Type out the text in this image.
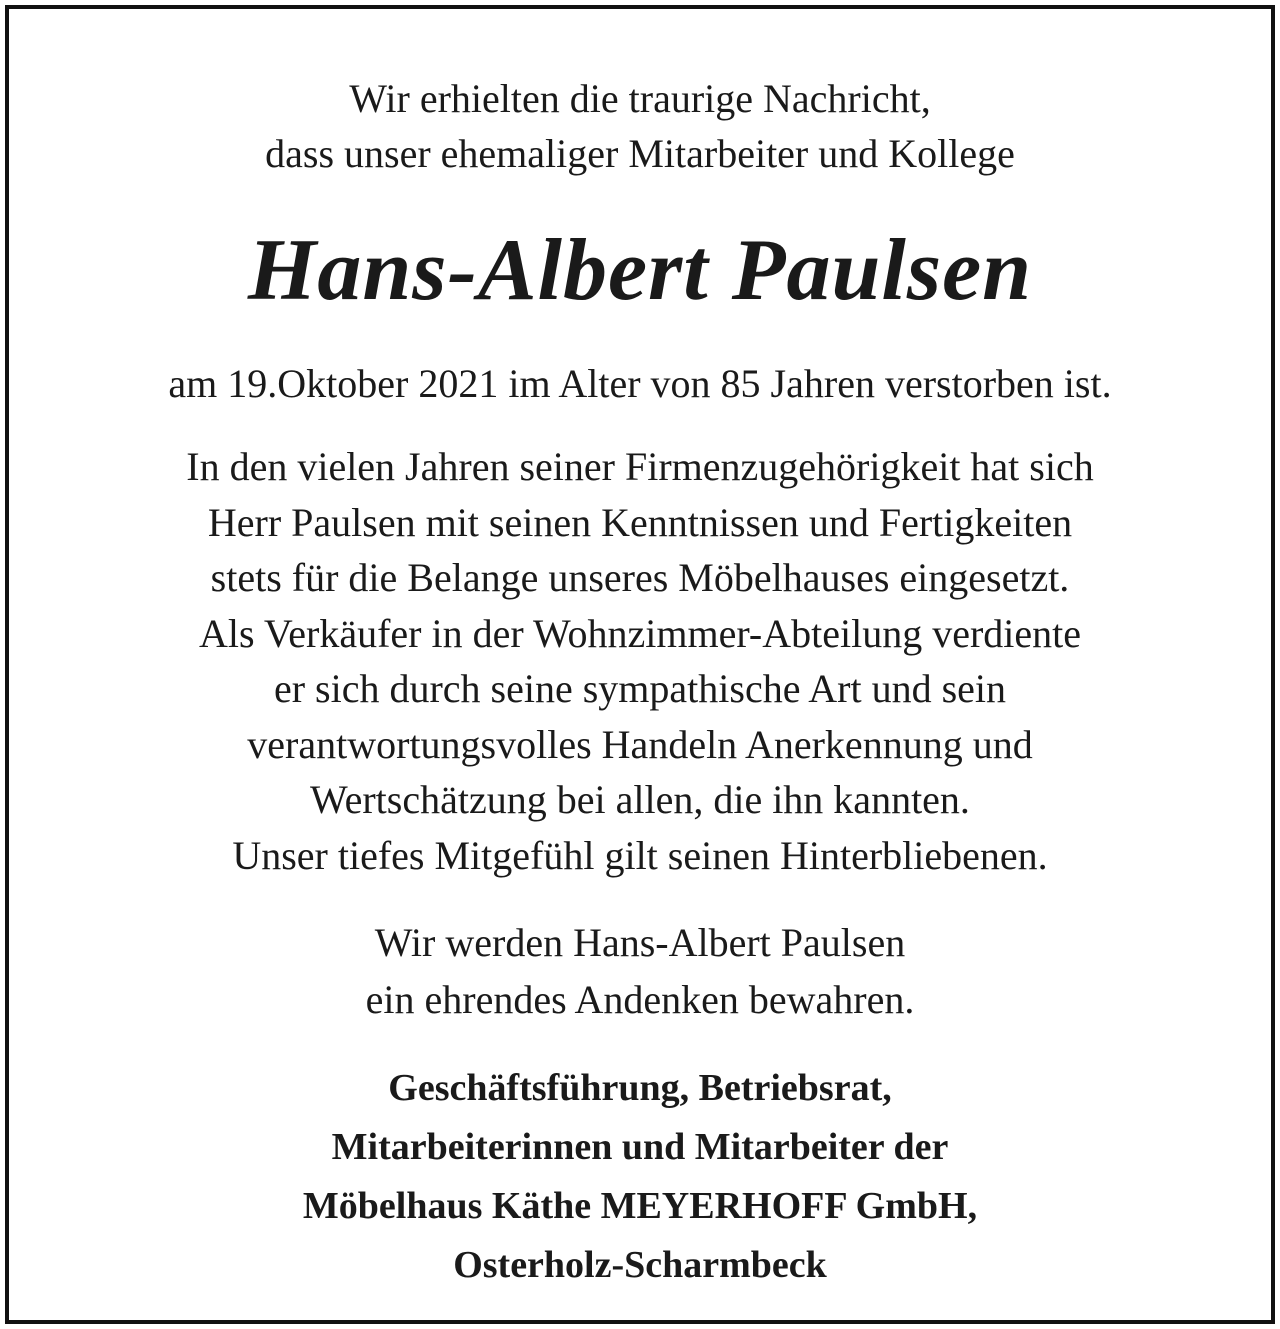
Wir erhielten die traurige Nachricht,
dass unser ehemaliger Mitarbeiter und Kollege
Hans-Albert Paulsen
am 19.Oktober 2021 im Alter von 85 Jahren verstorben ist.
In den vielen Jahren seiner Firmenzugehörigkeit hat sich
Herr Paulsen mit seinen Kenntnissen und Fertigkeiten
stets für die Belange unseres Möbelhauses eingesetzt.
Als Verkäufer in der Wohnzimmer-Abteilung verdiente
er sich durch seine sympathische Art und sein
verantwortungsvolles Handeln Anerkennung und
Wertschätzung bei allen, die ihn kannten.
Unser tiefes Mitgefühl gilt seinen Hinterbliebenen.
Wir werden Hans-Albert Paulsen
ein ehrendes Andenken bewahren.
Geschäftsführung, Betriebsrat,
Mitarbeiterinnen und Mitarbeiter der
Möbelhaus Käthe MEYERHOFF GmbH,
Osterholz-Scharmbeck
